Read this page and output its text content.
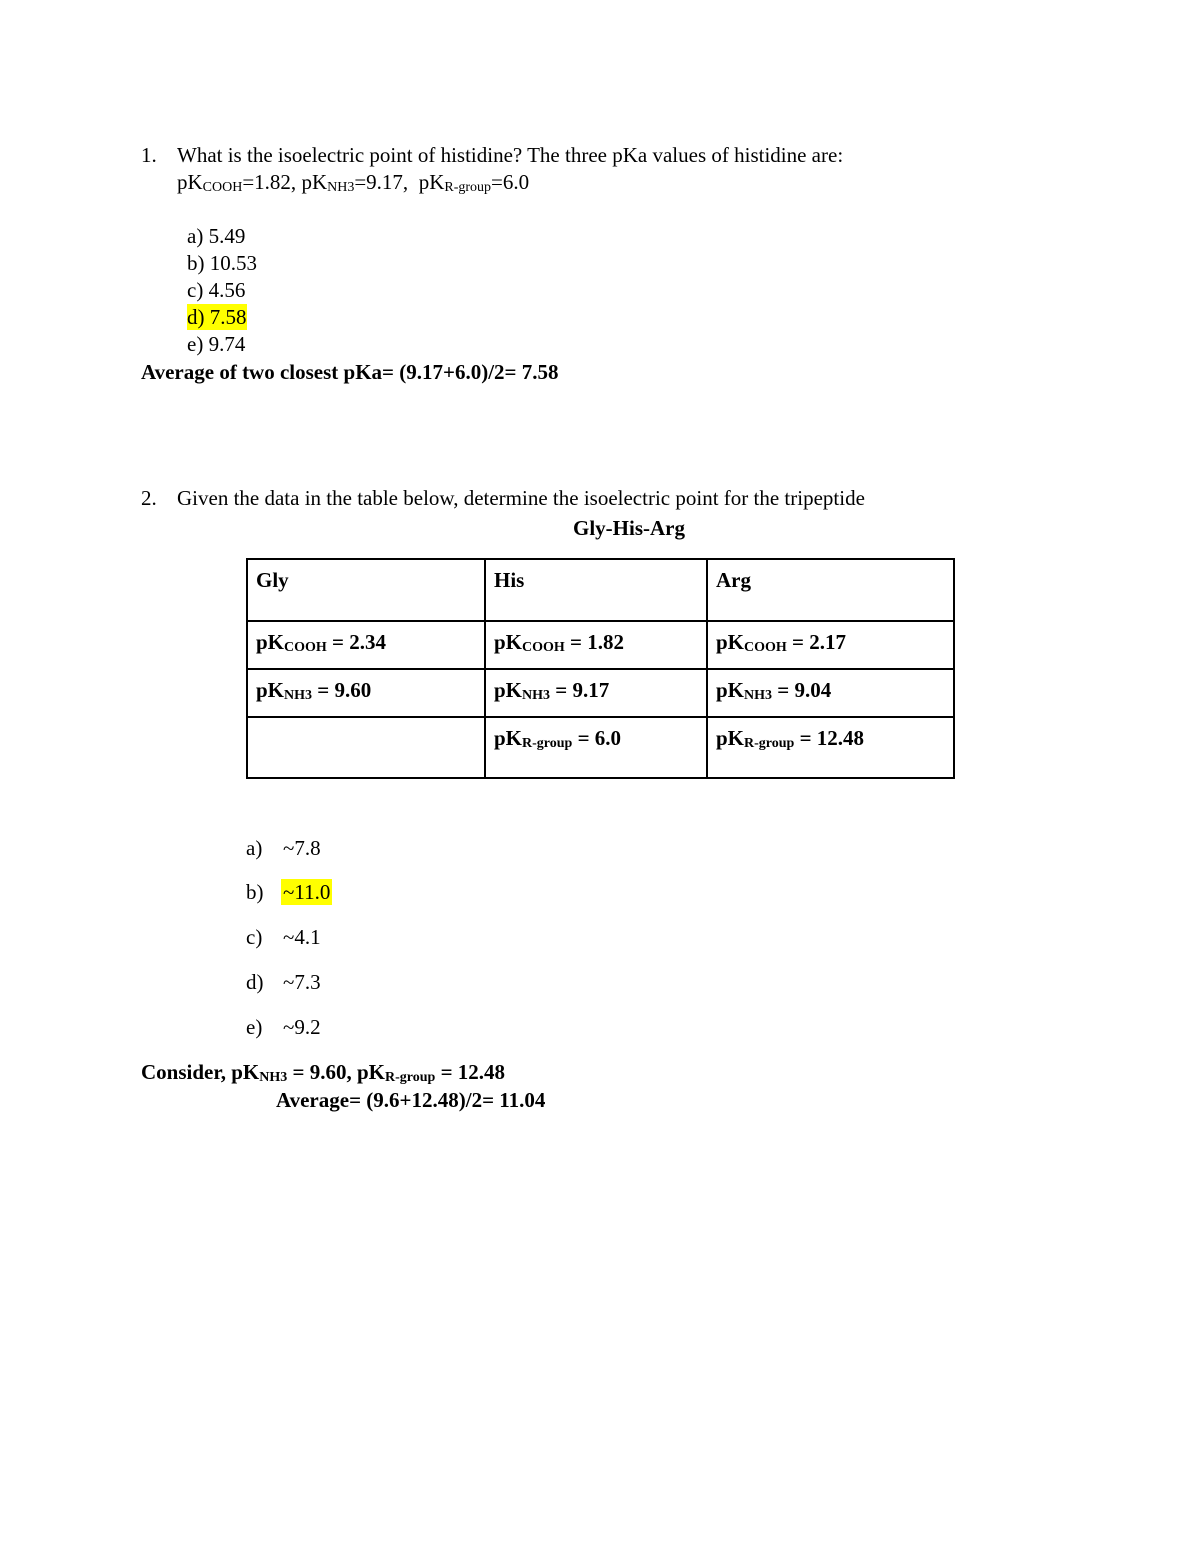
1. What is the isoelectric point of histidine? The three pKa values of histidine are:
$pK_{COOH}=1.82$, $pK_{NH3}=9.17$,  $pK_{R-group}=6.0$
a) 5.49
b) 10.53
c) 4.56
d) 7.58
e) 9.74
Average of two closest pKa= (9.17+6.0)/2= 7.58
2. Given the data in the table below, determine the isoelectric point for the tripeptide
Gly-His-Arg
Gly	His	Arg
$pK_{COOH} = 2.34$	$pK_{COOH} = 1.82$	$pK_{COOH} = 2.17$
$pK_{NH3} = 9.60$	$pK_{NH3} = 9.17$	$pK_{NH3} = 9.04$
	$pK_{R-group} = 6.0$	$pK_{R-group} = 12.48$
a) ~7.8
b) ~11.0
c) ~4.1
d) ~7.3
e) ~9.2
Consider, $pK_{NH3} = 9.60$, $pK_{R-group} = 12.48$
Average= (9.6+12.48)/2= 11.04
